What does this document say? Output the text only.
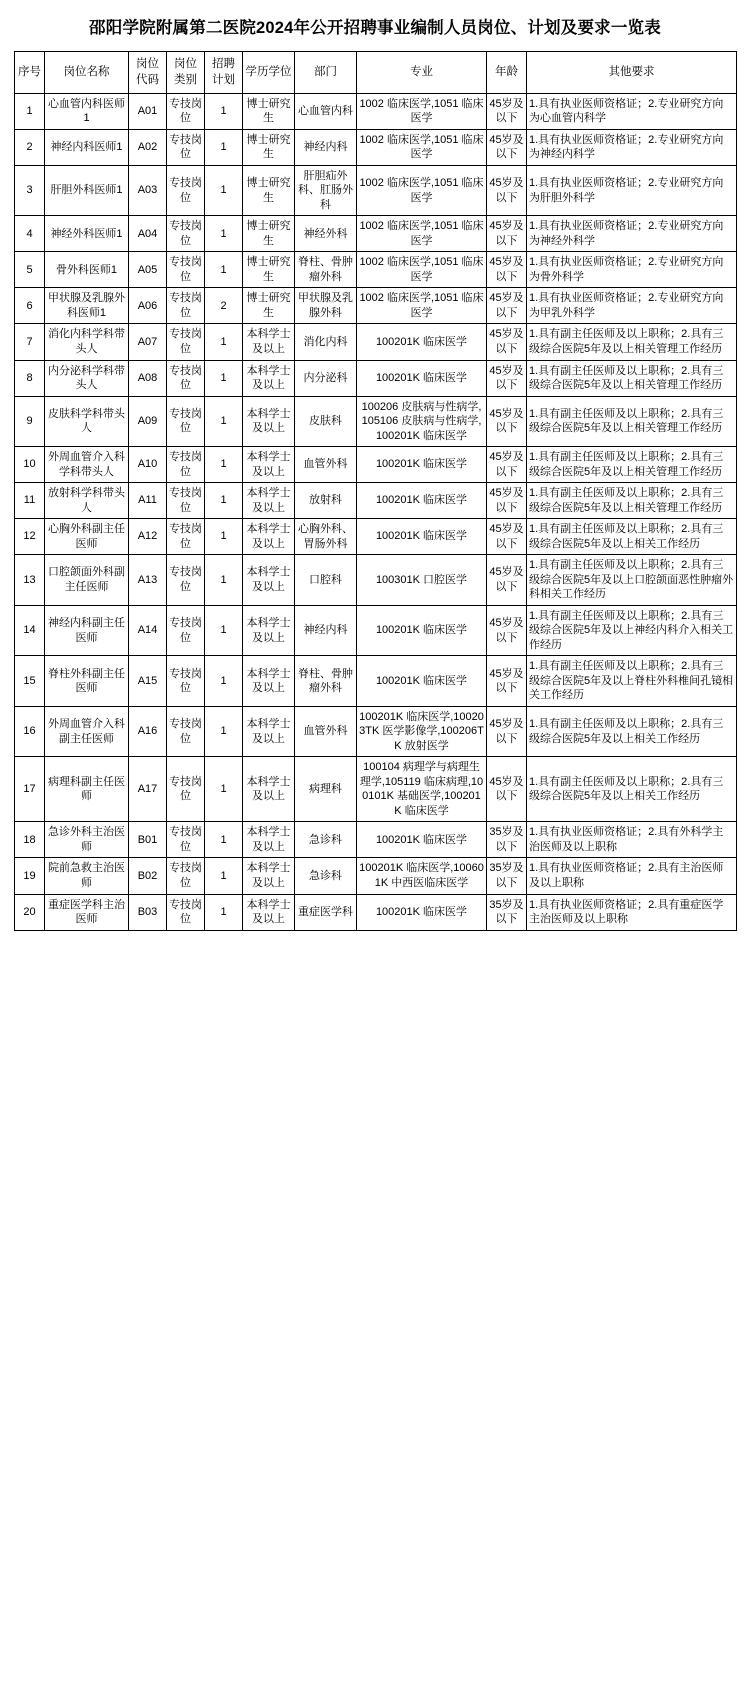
邵阳学院附属第二医院2024年公开招聘事业编制人员岗位、计划及要求一览表
序号	岗位名称	岗位代码	岗位类别	招聘计划	学历学位	部门	专业	年龄	其他要求
1	心血管内科医师1	A01	专技岗位	1	博士研究生	心血管内科	1002 临床医学,1051 临床医学	45岁及以下	1.具有执业医师资格证；2.专业研究方向为心血管内科学
2	神经内科医师1	A02	专技岗位	1	博士研究生	神经内科	1002 临床医学,1051 临床医学	45岁及以下	1.具有执业医师资格证；2.专业研究方向为神经内科学
3	肝胆外科医师1	A03	专技岗位	1	博士研究生	肝胆疝外科、肛肠外科	1002 临床医学,1051 临床医学	45岁及以下	1.具有执业医师资格证；2.专业研究方向为肝胆外科学
4	神经外科医师1	A04	专技岗位	1	博士研究生	神经外科	1002 临床医学,1051 临床医学	45岁及以下	1.具有执业医师资格证；2.专业研究方向为神经外科学
5	骨外科医师1	A05	专技岗位	1	博士研究生	脊柱、骨肿瘤外科	1002 临床医学,1051 临床医学	45岁及以下	1.具有执业医师资格证；2.专业研究方向为骨外科学
6	甲状腺及乳腺外科医师1	A06	专技岗位	2	博士研究生	甲状腺及乳腺外科	1002 临床医学,1051 临床医学	45岁及以下	1.具有执业医师资格证；2.专业研究方向为甲乳外科学
7	消化内科学科带头人	A07	专技岗位	1	本科学士及以上	消化内科	100201K 临床医学	45岁及以下	1.具有副主任医师及以上职称；2.具有三级综合医院5年及以上相关管理工作经历
8	内分泌科学科带头人	A08	专技岗位	1	本科学士及以上	内分泌科	100201K 临床医学	45岁及以下	1.具有副主任医师及以上职称；2.具有三级综合医院5年及以上相关管理工作经历
9	皮肤科学科带头人	A09	专技岗位	1	本科学士及以上	皮肤科	100206 皮肤病与性病学,105106 皮肤病与性病学,100201K 临床医学	45岁及以下	1.具有副主任医师及以上职称；2.具有三级综合医院5年及以上相关管理工作经历
10	外周血管介入科学科带头人	A10	专技岗位	1	本科学士及以上	血管外科	100201K 临床医学	45岁及以下	1.具有副主任医师及以上职称；2.具有三级综合医院5年及以上相关管理工作经历
11	放射科学科带头人	A11	专技岗位	1	本科学士及以上	放射科	100201K 临床医学	45岁及以下	1.具有副主任医师及以上职称；2.具有三级综合医院5年及以上相关管理工作经历
12	心胸外科副主任医师	A12	专技岗位	1	本科学士及以上	心胸外科、胃肠外科	100201K 临床医学	45岁及以下	1.具有副主任医师及以上职称；2.具有三级综合医院5年及以上相关工作经历
13	口腔颌面外科副主任医师	A13	专技岗位	1	本科学士及以上	口腔科	100301K 口腔医学	45岁及以下	1.具有副主任医师及以上职称；2.具有三级综合医院5年及以上口腔颌面恶性肿瘤外科相关工作经历
14	神经内科副主任医师	A14	专技岗位	1	本科学士及以上	神经内科	100201K 临床医学	45岁及以下	1.具有副主任医师及以上职称；2.具有三级综合医院5年及以上神经内科介入相关工作经历
15	脊柱外科副主任医师	A15	专技岗位	1	本科学士及以上	脊柱、骨肿瘤外科	100201K 临床医学	45岁及以下	1.具有副主任医师及以上职称；2.具有三级综合医院5年及以上脊柱外科椎间孔镜相关工作经历
16	外周血管介入科副主任医师	A16	专技岗位	1	本科学士及以上	血管外科	100201K 临床医学,100203TK 医学影像学,100206TK 放射医学	45岁及以下	1.具有副主任医师及以上职称；2.具有三级综合医院5年及以上相关工作经历
17	病理科副主任医师	A17	专技岗位	1	本科学士及以上	病理科	100104 病理学与病理生理学,105119 临床病理,100101K 基础医学,100201K 临床医学	45岁及以下	1.具有副主任医师及以上职称；2.具有三级综合医院5年及以上相关工作经历
18	急诊外科主治医师	B01	专技岗位	1	本科学士及以上	急诊科	100201K 临床医学	35岁及以下	1.具有执业医师资格证；2.具有外科学主治医师及以上职称
19	院前急救主治医师	B02	专技岗位	1	本科学士及以上	急诊科	100201K 临床医学,100601K 中西医临床医学	35岁及以下	1.具有执业医师资格证；2.具有主治医师及以上职称
20	重症医学科主治医师	B03	专技岗位	1	本科学士及以上	重症医学科	100201K 临床医学	35岁及以下	1.具有执业医师资格证；2.具有重症医学主治医师及以上职称
